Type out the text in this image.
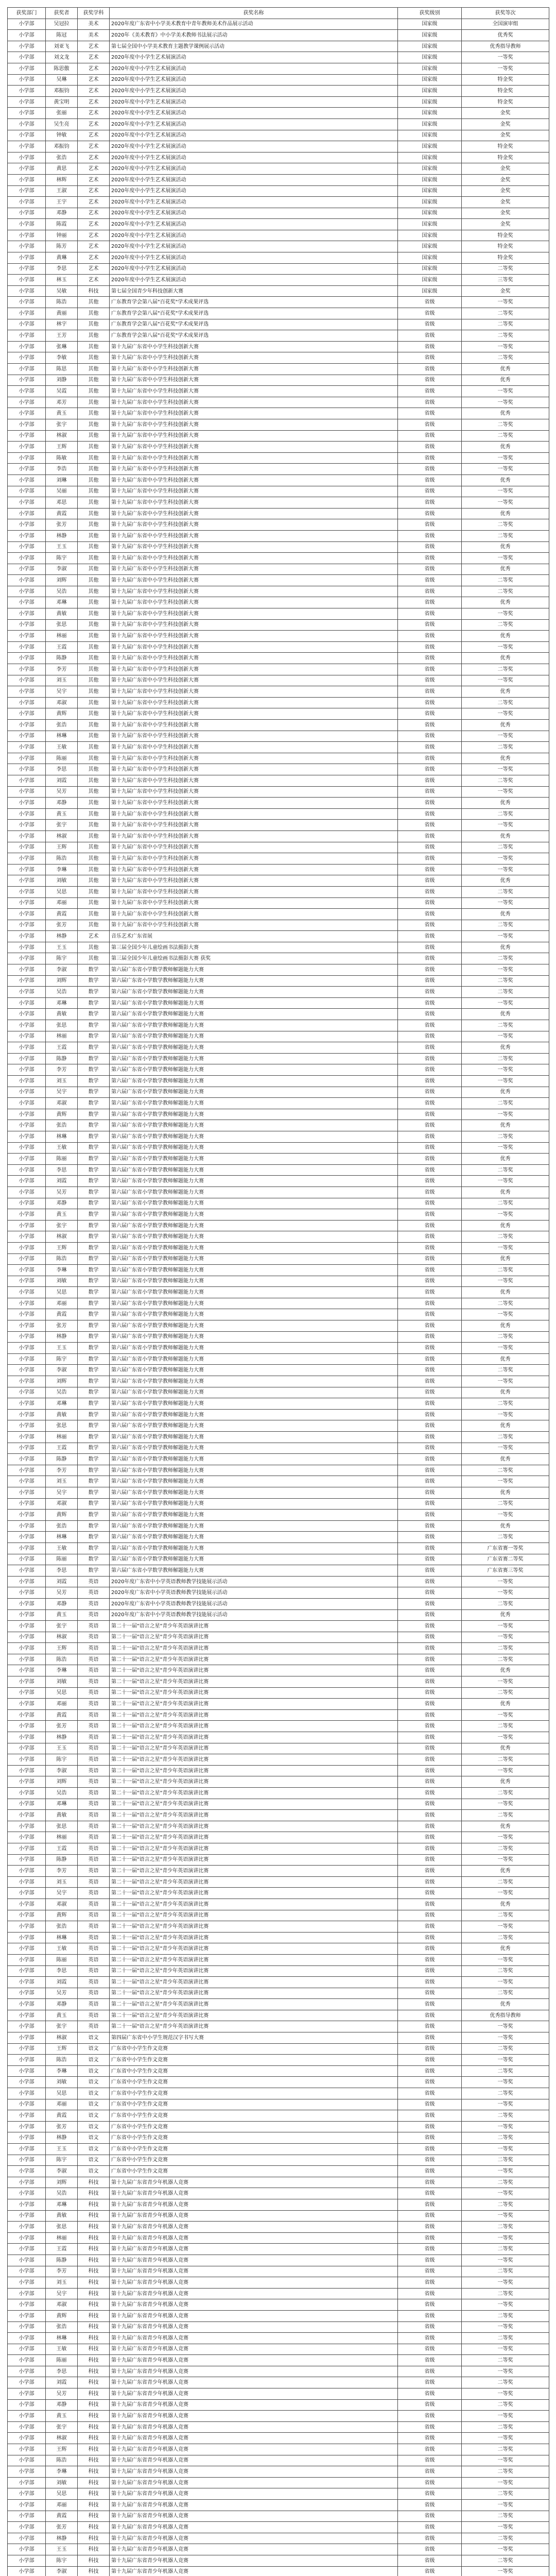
获奖部门	获奖者	获奖学科	获奖名称	获奖级别	获奖等次
小学部	吴冠拉	美术	2020年度广东省中小学美术教育中青年教师美术作品展示活动	国家级	全国演审组
小学部	陈冠	美术	2020年《美术教育》中小学美术教师书法展示活动	国家级	优秀奖
小学部	刘亚飞	艺术	第七届全国中小学美术教育主题教学课例展示活动	国家级	优秀指导教师
小学部	刘文龙	艺术	2020年度中小学生艺术展演活动	国家级	一等奖
小学部	陈思傲	艺术	2020年度中小学生艺术展演活动	国家级	一等奖
小学部	吴琳	艺术	2020年度中小学生艺术展演活动	国家级	特金奖
小学部	邓振钧	艺术	2020年度中小学生艺术展演活动	国家级	特金奖
小学部	黄宝明	艺术	2020年度中小学生艺术展演活动	国家级	特金奖
小学部	张丽	艺术	2020年度中小学生艺术展演活动	国家级	金奖
小学部	吴生亮	艺术	2020年度中小学生艺术展演活动	国家级	金奖
小学部	钟敏	艺术	2020年度中小学生艺术展演活动	国家级	金奖
小学部	邓振钧	艺术	2020年度中小学生艺术展演活动	国家级	特金奖
小学部	张浩	艺术	2020年度中小学生艺术展演活动	国家级	特金奖
小学部	黄思	艺术	2020年度中小学生艺术展演活动	国家级	金奖
小学部	林辉	艺术	2020年度中小学生艺术展演活动	国家级	金奖
小学部	王淑	艺术	2020年度中小学生艺术展演活动	国家级	金奖
小学部	王宇	艺术	2020年度中小学生艺术展演活动	国家级	金奖
小学部	邓静	艺术	2020年度中小学生艺术展演活动	国家级	金奖
小学部	陈霞	艺术	2020年度中小学生艺术展演活动	国家级	金奖
小学部	钟丽	艺术	2020年度中小学生艺术展演活动	国家级	特金奖
小学部	陈芳	艺术	2020年度中小学生艺术展演活动	国家级	特金奖
小学部	黄琳	艺术	2020年度中小学生艺术展演活动	国家级	特金奖
小学部	李思	艺术	2020年度中小学生艺术展演活动	国家级	二等奖
小学部	林玉	艺术	2020年度中小学生艺术展演活动	国家级	三等奖
小学部	吴敏	科技	第七届全国青少年科技创新大赛	国家级	金奖
小学部	陈浩	其他	广东教育学会第八届"百花奖"学术成果评选	省级	一等奖
小学部	黄丽	其他	广东教育学会第八届"百花奖"学术成果评选	省级	二等奖
小学部	林宇	其他	广东教育学会第八届"百花奖"学术成果评选	省级	二等奖
小学部	王芳	其他	广东教育学会第八届"百花奖"学术成果评选	省级	二等奖
小学部	张琳	其他	第十九届广东省中小学生科技创新大赛	省级	一等奖
小学部	李敏	其他	第十九届广东省中小学生科技创新大赛	省级	二等奖
小学部	陈思	其他	第十九届广东省中小学生科技创新大赛	省级	优秀
小学部	刘静	其他	第十九届广东省中小学生科技创新大赛	省级	优秀
小学部	吴霞	其他	第十九届广东省中小学生科技创新大赛	省级	一等奖
小学部	邓芳	其他	第十九届广东省中小学生科技创新大赛	省级	一等奖
小学部	黄玉	其他	第十九届广东省中小学生科技创新大赛	省级	优秀
小学部	张宇	其他	第十九届广东省中小学生科技创新大赛	省级	二等奖
小学部	林淑	其他	第十九届广东省中小学生科技创新大赛	省级	二等奖
小学部	王辉	其他	第十九届广东省中小学生科技创新大赛	省级	优秀
小学部	陈敏	其他	第十九届广东省中小学生科技创新大赛	省级	一等奖
小学部	李浩	其他	第十九届广东省中小学生科技创新大赛	省级	一等奖
小学部	刘琳	其他	第十九届广东省中小学生科技创新大赛	省级	优秀
小学部	吴丽	其他	第十九届广东省中小学生科技创新大赛	省级	一等奖
小学部	邓思	其他	第十九届广东省中小学生科技创新大赛	省级	一等奖
小学部	黄霞	其他	第十九届广东省中小学生科技创新大赛	省级	优秀
小学部	张芳	其他	第十九届广东省中小学生科技创新大赛	省级	二等奖
小学部	林静	其他	第十九届广东省中小学生科技创新大赛	省级	二等奖
小学部	王玉	其他	第十九届广东省中小学生科技创新大赛	省级	优秀
小学部	陈宇	其他	第十九届广东省中小学生科技创新大赛	省级	一等奖
小学部	李淑	其他	第十九届广东省中小学生科技创新大赛	省级	优秀
小学部	刘辉	其他	第十九届广东省中小学生科技创新大赛	省级	二等奖
小学部	吴浩	其他	第十九届广东省中小学生科技创新大赛	省级	二等奖
小学部	邓琳	其他	第十九届广东省中小学生科技创新大赛	省级	优秀
小学部	黄敏	其他	第十九届广东省中小学生科技创新大赛	省级	一等奖
小学部	张思	其他	第十九届广东省中小学生科技创新大赛	省级	二等奖
小学部	林丽	其他	第十九届广东省中小学生科技创新大赛	省级	优秀
小学部	王霞	其他	第十九届广东省中小学生科技创新大赛	省级	一等奖
小学部	陈静	其他	第十九届广东省中小学生科技创新大赛	省级	优秀
小学部	李芳	其他	第十九届广东省中小学生科技创新大赛	省级	二等奖
小学部	刘玉	其他	第十九届广东省中小学生科技创新大赛	省级	一等奖
小学部	吴宇	其他	第十九届广东省中小学生科技创新大赛	省级	优秀
小学部	邓淑	其他	第十九届广东省中小学生科技创新大赛	省级	二等奖
小学部	黄辉	其他	第十九届广东省中小学生科技创新大赛	省级	一等奖
小学部	张浩	其他	第十九届广东省中小学生科技创新大赛	省级	优秀
小学部	林琳	其他	第十九届广东省中小学生科技创新大赛	省级	一等奖
小学部	王敏	其他	第十九届广东省中小学生科技创新大赛	省级	二等奖
小学部	陈丽	其他	第十九届广东省中小学生科技创新大赛	省级	优秀
小学部	李思	其他	第十九届广东省中小学生科技创新大赛	省级	一等奖
小学部	刘霞	其他	第十九届广东省中小学生科技创新大赛	省级	二等奖
小学部	吴芳	其他	第十九届广东省中小学生科技创新大赛	省级	一等奖
小学部	邓静	其他	第十九届广东省中小学生科技创新大赛	省级	优秀
小学部	黄玉	其他	第十九届广东省中小学生科技创新大赛	省级	二等奖
小学部	张宇	其他	第十九届广东省中小学生科技创新大赛	省级	一等奖
小学部	林淑	其他	第十九届广东省中小学生科技创新大赛	省级	优秀
小学部	王辉	其他	第十九届广东省中小学生科技创新大赛	省级	二等奖
小学部	陈浩	其他	第十九届广东省中小学生科技创新大赛	省级	一等奖
小学部	李琳	其他	第十九届广东省中小学生科技创新大赛	省级	一等奖
小学部	刘敏	其他	第十九届广东省中小学生科技创新大赛	省级	优秀
小学部	吴思	其他	第十九届广东省中小学生科技创新大赛	省级	二等奖
小学部	邓丽	其他	第十九届广东省中小学生科技创新大赛	省级	一等奖
小学部	黄霞	其他	第十九届广东省中小学生科技创新大赛	省级	优秀
小学部	张芳	其他	第十九届广东省中小学生科技创新大赛	省级	二等奖
小学部	林静	艺术	音乐艺术广东省展	省级	一等奖
小学部	王玉	其他	第三届全国少年儿童绘画书法摄影大赛	省级	优秀
小学部	陈宇	其他	第三届全国少年儿童绘画书法摄影大赛 获奖	省级	二等奖
小学部	李淑	数学	第六届广东省小学数学教师解题能力大赛	省级	一等奖
小学部	刘辉	数学	第六届广东省小学数学教师解题能力大赛	省级	二等奖
小学部	吴浩	数学	第六届广东省小学数学教师解题能力大赛	省级	二等奖
小学部	邓琳	数学	第六届广东省小学数学教师解题能力大赛	省级	一等奖
小学部	黄敏	数学	第六届广东省小学数学教师解题能力大赛	省级	优秀
小学部	张思	数学	第六届广东省小学数学教师解题能力大赛	省级	二等奖
小学部	林丽	数学	第六届广东省小学数学教师解题能力大赛	省级	一等奖
小学部	王霞	数学	第六届广东省小学数学教师解题能力大赛	省级	优秀
小学部	陈静	数学	第六届广东省小学数学教师解题能力大赛	省级	二等奖
小学部	李芳	数学	第六届广东省小学数学教师解题能力大赛	省级	一等奖
小学部	刘玉	数学	第六届广东省小学数学教师解题能力大赛	省级	一等奖
小学部	吴宇	数学	第六届广东省小学数学教师解题能力大赛	省级	优秀
小学部	邓淑	数学	第六届广东省小学数学教师解题能力大赛	省级	二等奖
小学部	黄辉	数学	第六届广东省小学数学教师解题能力大赛	省级	一等奖
小学部	张浩	数学	第六届广东省小学数学教师解题能力大赛	省级	优秀
小学部	林琳	数学	第六届广东省小学数学教师解题能力大赛	省级	二等奖
小学部	王敏	数学	第六届广东省小学数学教师解题能力大赛	省级	一等奖
小学部	陈丽	数学	第六届广东省小学数学教师解题能力大赛	省级	优秀
小学部	李思	数学	第六届广东省小学数学教师解题能力大赛	省级	二等奖
小学部	刘霞	数学	第六届广东省小学数学教师解题能力大赛	省级	一等奖
小学部	吴芳	数学	第六届广东省小学数学教师解题能力大赛	省级	优秀
小学部	邓静	数学	第六届广东省小学数学教师解题能力大赛	省级	二等奖
小学部	黄玉	数学	第六届广东省小学数学教师解题能力大赛	省级	一等奖
小学部	张宇	数学	第六届广东省小学数学教师解题能力大赛	省级	优秀
小学部	林淑	数学	第六届广东省小学数学教师解题能力大赛	省级	二等奖
小学部	王辉	数学	第六届广东省小学数学教师解题能力大赛	省级	一等奖
小学部	陈浩	数学	第六届广东省小学数学教师解题能力大赛	省级	优秀
小学部	李琳	数学	第六届广东省小学数学教师解题能力大赛	省级	二等奖
小学部	刘敏	数学	第六届广东省小学数学教师解题能力大赛	省级	一等奖
小学部	吴思	数学	第六届广东省小学数学教师解题能力大赛	省级	优秀
小学部	邓丽	数学	第六届广东省小学数学教师解题能力大赛	省级	二等奖
小学部	黄霞	数学	第六届广东省小学数学教师解题能力大赛	省级	一等奖
小学部	张芳	数学	第六届广东省小学数学教师解题能力大赛	省级	优秀
小学部	林静	数学	第六届广东省小学数学教师解题能力大赛	省级	二等奖
小学部	王玉	数学	第六届广东省小学数学教师解题能力大赛	省级	一等奖
小学部	陈宇	数学	第六届广东省小学数学教师解题能力大赛	省级	优秀
小学部	李淑	数学	第六届广东省小学数学教师解题能力大赛	省级	二等奖
小学部	刘辉	数学	第六届广东省小学数学教师解题能力大赛	省级	一等奖
小学部	吴浩	数学	第六届广东省小学数学教师解题能力大赛	省级	优秀
小学部	邓琳	数学	第六届广东省小学数学教师解题能力大赛	省级	二等奖
小学部	黄敏	数学	第六届广东省小学数学教师解题能力大赛	省级	一等奖
小学部	张思	数学	第六届广东省小学数学教师解题能力大赛	省级	优秀
小学部	林丽	数学	第六届广东省小学数学教师解题能力大赛	省级	二等奖
小学部	王霞	数学	第六届广东省小学数学教师解题能力大赛	省级	一等奖
小学部	陈静	数学	第六届广东省小学数学教师解题能力大赛	省级	优秀
小学部	李芳	数学	第六届广东省小学数学教师解题能力大赛	省级	二等奖
小学部	刘玉	数学	第六届广东省小学数学教师解题能力大赛	省级	一等奖
小学部	吴宇	数学	第六届广东省小学数学教师解题能力大赛	省级	优秀
小学部	邓淑	数学	第六届广东省小学数学教师解题能力大赛	省级	二等奖
小学部	黄辉	数学	第六届广东省小学数学教师解题能力大赛	省级	一等奖
小学部	张浩	数学	第六届广东省小学数学教师解题能力大赛	省级	优秀
小学部	林琳	数学	第六届广东省小学数学教师解题能力大赛	省级	二等奖
小学部	王敏	数学	第六届广东省小学数学教师解题能力大赛	省级	广东省赛一等奖
小学部	陈丽	数学	第六届广东省小学数学教师解题能力大赛	省级	广东省赛二等奖
小学部	李思	数学	第六届广东省小学数学教师解题能力大赛	省级	广东省赛三等奖
小学部	刘霞	英语	2020年度广东省中小学英语教师教学技能展示活动	省级	一等奖
小学部	吴芳	英语	2020年度广东省中小学英语教师教学技能展示活动	省级	一等奖
小学部	邓静	英语	2020年度广东省中小学英语教师教学技能展示活动	省级	二等奖
小学部	黄玉	英语	2020年度广东省中小学英语教师教学技能展示活动	省级	优秀
小学部	张宇	英语	第二十一届"语言之星"青少年英语演讲比赛	省级	一等奖
小学部	林淑	英语	第二十一届"语言之星"青少年英语演讲比赛	省级	一等奖
小学部	王辉	英语	第二十一届"语言之星"青少年英语演讲比赛	省级	二等奖
小学部	陈浩	英语	第二十一届"语言之星"青少年英语演讲比赛	省级	二等奖
小学部	李琳	英语	第二十一届"语言之星"青少年英语演讲比赛	省级	优秀
小学部	刘敏	英语	第二十一届"语言之星"青少年英语演讲比赛	省级	一等奖
小学部	吴思	英语	第二十一届"语言之星"青少年英语演讲比赛	省级	二等奖
小学部	邓丽	英语	第二十一届"语言之星"青少年英语演讲比赛	省级	优秀
小学部	黄霞	英语	第二十一届"语言之星"青少年英语演讲比赛	省级	一等奖
小学部	张芳	英语	第二十一届"语言之星"青少年英语演讲比赛	省级	二等奖
小学部	林静	英语	第二十一届"语言之星"青少年英语演讲比赛	省级	一等奖
小学部	王玉	英语	第二十一届"语言之星"青少年英语演讲比赛	省级	优秀
小学部	陈宇	英语	第二十一届"语言之星"青少年英语演讲比赛	省级	二等奖
小学部	李淑	英语	第二十一届"语言之星"青少年英语演讲比赛	省级	一等奖
小学部	刘辉	英语	第二十一届"语言之星"青少年英语演讲比赛	省级	优秀
小学部	吴浩	英语	第二十一届"语言之星"青少年英语演讲比赛	省级	二等奖
小学部	邓琳	英语	第二十一届"语言之星"青少年英语演讲比赛	省级	一等奖
小学部	黄敏	英语	第二十一届"语言之星"青少年英语演讲比赛	省级	二等奖
小学部	张思	英语	第二十一届"语言之星"青少年英语演讲比赛	省级	优秀
小学部	林丽	英语	第二十一届"语言之星"青少年英语演讲比赛	省级	一等奖
小学部	王霞	英语	第二十一届"语言之星"青少年英语演讲比赛	省级	二等奖
小学部	陈静	英语	第二十一届"语言之星"青少年英语演讲比赛	省级	一等奖
小学部	李芳	英语	第二十一届"语言之星"青少年英语演讲比赛	省级	优秀
小学部	刘玉	英语	第二十一届"语言之星"青少年英语演讲比赛	省级	二等奖
小学部	吴宇	英语	第二十一届"语言之星"青少年英语演讲比赛	省级	一等奖
小学部	邓淑	英语	第二十一届"语言之星"青少年英语演讲比赛	省级	优秀
小学部	黄辉	英语	第二十一届"语言之星"青少年英语演讲比赛	省级	二等奖
小学部	张浩	英语	第二十一届"语言之星"青少年英语演讲比赛	省级	一等奖
小学部	林琳	英语	第二十一届"语言之星"青少年英语演讲比赛	省级	二等奖
小学部	王敏	英语	第二十一届"语言之星"青少年英语演讲比赛	省级	优秀
小学部	陈丽	英语	第二十一届"语言之星"青少年英语演讲比赛	省级	一等奖
小学部	李思	英语	第二十一届"语言之星"青少年英语演讲比赛	省级	二等奖
小学部	刘霞	英语	第二十一届"语言之星"青少年英语演讲比赛	省级	一等奖
小学部	吴芳	英语	第二十一届"语言之星"青少年英语演讲比赛	省级	二等奖
小学部	邓静	英语	第二十一届"语言之星"青少年英语演讲比赛	省级	优秀
小学部	黄玉	英语	第二十一届"语言之星"青少年英语演讲比赛	省级	优秀指导教师
小学部	张宇	英语	第二十一届"语言之星"青少年英语演讲比赛	省级	一等奖
小学部	林淑	语文	第四届广东省中小学生规范汉字书写大赛	省级	一等奖
小学部	王辉	语文	广东省中小学生作文竞赛	省级	二等奖
小学部	陈浩	语文	广东省中小学生作文竞赛	省级	一等奖
小学部	李琳	语文	广东省中小学生作文竞赛	省级	二等奖
小学部	刘敏	语文	广东省中小学生作文竞赛	省级	一等奖
小学部	吴思	语文	广东省中小学生作文竞赛	省级	二等奖
小学部	邓丽	语文	广东省中小学生作文竞赛	省级	一等奖
小学部	黄霞	语文	广东省中小学生作文竞赛	省级	二等奖
小学部	张芳	语文	广东省中小学生作文竞赛	省级	一等奖
小学部	林静	语文	广东省中小学生作文竞赛	省级	二等奖
小学部	王玉	语文	广东省中小学生作文竞赛	省级	一等奖
小学部	陈宇	语文	广东省中小学生作文竞赛	省级	二等奖
小学部	李淑	语文	广东省中小学生作文竞赛	省级	一等奖
小学部	刘辉	科技	第十九届广东省青少年机器人竞赛	省级	二等奖
小学部	吴浩	科技	第十九届广东省青少年机器人竞赛	省级	一等奖
小学部	邓琳	科技	第十九届广东省青少年机器人竞赛	省级	二等奖
小学部	黄敏	科技	第十九届广东省青少年机器人竞赛	省级	一等奖
小学部	张思	科技	第十九届广东省青少年机器人竞赛	省级	二等奖
小学部	林丽	科技	第十九届广东省青少年机器人竞赛	省级	一等奖
小学部	王霞	科技	第十九届广东省青少年机器人竞赛	省级	二等奖
小学部	陈静	科技	第十九届广东省青少年机器人竞赛	省级	一等奖
小学部	李芳	科技	第十九届广东省青少年机器人竞赛	省级	二等奖
小学部	刘玉	科技	第十九届广东省青少年机器人竞赛	省级	一等奖
小学部	吴宇	科技	第十九届广东省青少年机器人竞赛	省级	二等奖
小学部	邓淑	科技	第十九届广东省青少年机器人竞赛	省级	一等奖
小学部	黄辉	科技	第十九届广东省青少年机器人竞赛	省级	二等奖
小学部	张浩	科技	第十九届广东省青少年机器人竞赛	省级	一等奖
小学部	林琳	科技	第十九届广东省青少年机器人竞赛	省级	二等奖
小学部	王敏	科技	第十九届广东省青少年机器人竞赛	省级	一等奖
小学部	陈丽	科技	第十九届广东省青少年机器人竞赛	省级	二等奖
小学部	李思	科技	第十九届广东省青少年机器人竞赛	省级	一等奖
小学部	刘霞	科技	第十九届广东省青少年机器人竞赛	省级	二等奖
小学部	吴芳	科技	第十九届广东省青少年机器人竞赛	省级	一等奖
小学部	邓静	科技	第十九届广东省青少年机器人竞赛	省级	二等奖
小学部	黄玉	科技	第十九届广东省青少年机器人竞赛	省级	一等奖
小学部	张宇	科技	第十九届广东省青少年机器人竞赛	省级	二等奖
小学部	林淑	科技	第十九届广东省青少年机器人竞赛	省级	一等奖
小学部	王辉	科技	第十九届广东省青少年机器人竞赛	省级	二等奖
小学部	陈浩	科技	第十九届广东省青少年机器人竞赛	省级	一等奖
小学部	李琳	科技	第十九届广东省青少年机器人竞赛	省级	二等奖
小学部	刘敏	科技	第十九届广东省青少年机器人竞赛	省级	一等奖
小学部	吴思	科技	第十九届广东省青少年机器人竞赛	省级	二等奖
小学部	邓丽	科技	第十九届广东省青少年机器人竞赛	省级	一等奖
小学部	黄霞	科技	第十九届广东省青少年机器人竞赛	省级	二等奖
小学部	张芳	科技	第十九届广东省青少年机器人竞赛	省级	一等奖
小学部	林静	科技	第十九届广东省青少年机器人竞赛	省级	二等奖
小学部	王玉	科技	第十九届广东省青少年机器人竞赛	省级	一等奖
小学部	陈宇	科技	第十九届广东省青少年机器人竞赛	省级	二等奖
小学部	李淑	科技	第十九届广东省青少年机器人竞赛	省级	一等奖
